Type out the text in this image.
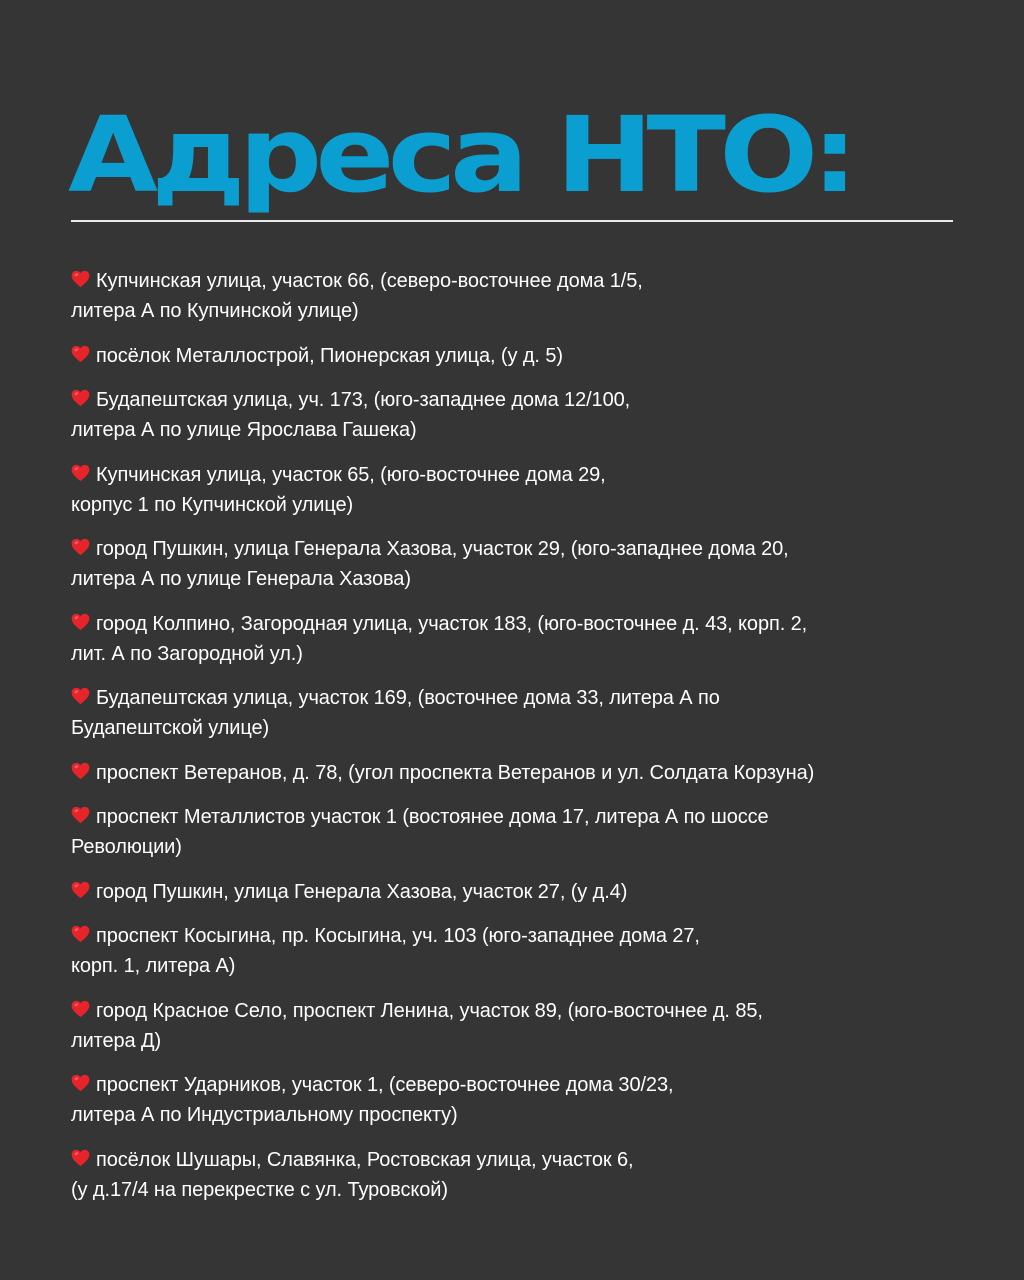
Адреса НТО:
Купчинская улица, участок 66, (северо-восточнее дома 1/5,
литера А по Купчинской улице)
посёлок Металлострой, Пионерская улица, (у д. 5)
Будапештская улица, уч. 173, (юго-западнее дома 12/100,
литера А по улице Ярослава Гашека)
Купчинская улица, участок 65, (юго-восточнее дома 29,
корпус 1 по Купчинской улице)
город Пушкин, улица Генерала Хазова, участок 29, (юго-западнее дома 20,
литера А по улице Генерала Хазова)
город Колпино, Загородная улица, участок 183, (юго-восточнее д. 43, корп. 2,
лит. А по Загородной ул.)
Будапештская улица, участок 169, (восточнее дома 33, литера А по
Будапештской улице)
проспект Ветеранов, д. 78, (угол проспекта Ветеранов и ул. Солдата Корзуна)
проспект Металлистов участок 1 (востоянее дома 17, литера А по шоссе
Революции)
город Пушкин, улица Генерала Хазова, участок 27, (у д.4)
проспект Косыгина, пр. Косыгина, уч. 103 (юго-западнее дома 27,
корп. 1, литера А)
город Красное Село, проспект Ленина, участок 89, (юго-восточнее д. 85,
литера Д)
проспект Ударников, участок 1, (северо-восточнее дома 30/23,
литера А по Индустриальному проспекту)
посёлок Шушары, Славянка, Ростовская улица, участок 6,
(у д.17/4 на перекрестке с ул. Туровской)
